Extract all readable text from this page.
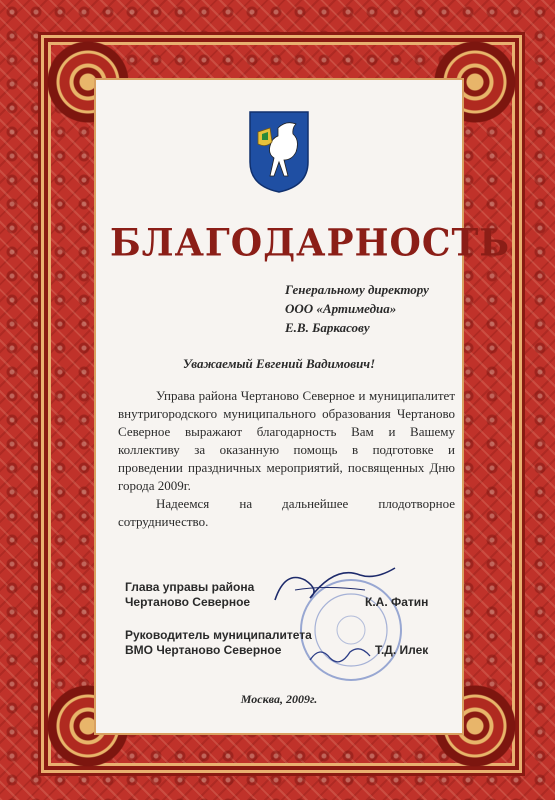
БЛАГОДАРНОСТЬ
Генеральному директору
ООО «Артимедиа»
Е.В. Баркасову
Уважаемый Евгений Вадимович!

Управа района Чертаново Северное и муниципалитет внутригородского муниципального образования Чертаново Северное выражают благодарность Вам и Вашему коллективу за оказанную помощь в подготовке и проведении праздничных мероприятий, посвященных Дню города 2009г.

Надеемся на дальнейшее плодотворное сотрудничество.

Глава управы района
Чертаново Северное	К.А. Фатин
Руководитель муниципалитета
ВМО Чертаново Северное	Т.Д. Илек
Москва, 2009г.
